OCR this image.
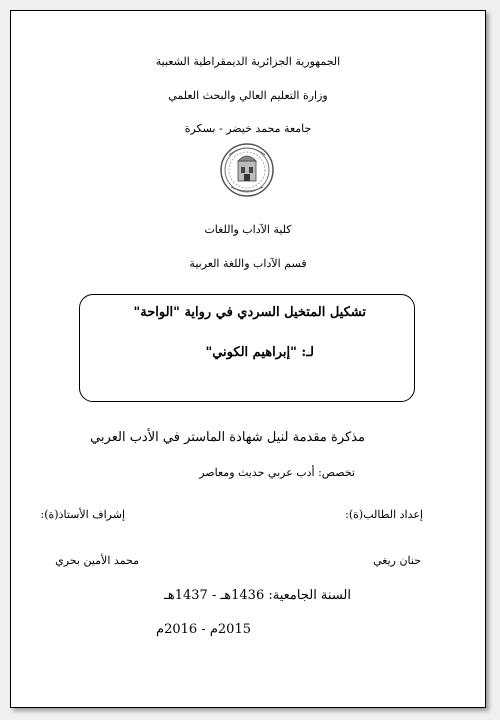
الجمهورية الجزائرية الديمقراطية الشعبية
وزارة التعليم العالي والبحث العلمي
جامعة محمد خيضر - بسكرة
كلية الآداب واللغات
قسم الآداب واللغة العربية
تشكيل المتخيل السردي في رواية "الواحة"
لـ: "إبراهيم الكوني"
مذكرة مقدمة لنيل شهادة الماستر في الأدب العربي
تخصص: أدب عربي حديث ومعاصر
إعداد الطالب(ة):
إشراف الأستاذ(ة):
حنان ريغي
محمد الأمين بحري
السنة الجامعية: 1436هـ - 1437هـ
2015م - 2016م
